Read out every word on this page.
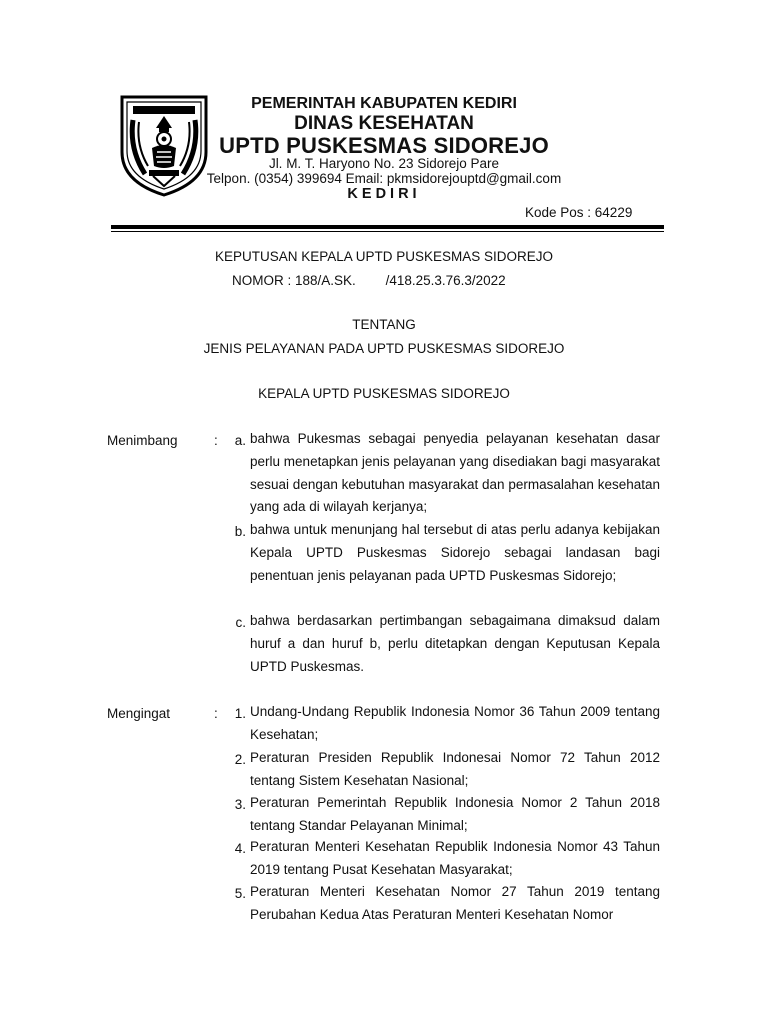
PEMERINTAH KABUPATEN KEDIRI
DINAS KESEHATAN
UPTD PUSKESMAS SIDOREJO
Jl. M. T. Haryono No. 23 Sidorejo Pare
Telpon. (0354) 399694 Email: pkmsidorejouptd@gmail.com
KEDIRI
Kode Pos : 64229
KEPUTUSAN KEPALA UPTD PUSKESMAS SIDOREJO
NOMOR : 188/A.SK. /418.25.3.76.3/2022
TENTANG
JENIS PELAYANAN PADA UPTD PUSKESMAS SIDOREJO
KEPALA UPTD PUSKESMAS SIDOREJO
Menimbang	:	a. bahwa Pukesmas sebagai penyedia pelayanan kesehatan dasar perlu menetapkan jenis pelayanan yang disediakan bagi masyarakat sesuai dengan kebutuhan masyarakat dan permasalahan kesehatan yang ada di wilayah kerjanya;
b. bahwa untuk menunjang hal tersebut di atas perlu adanya kebijakan Kepala UPTD Puskesmas Sidorejo sebagai landasan bagi penentuan jenis pelayanan pada UPTD Puskesmas Sidorejo;
c. bahwa berdasarkan pertimbangan sebagaimana dimaksud dalam huruf a dan huruf b, perlu ditetapkan dengan Keputusan Kepala UPTD Puskesmas.
Mengingat	:	1. Undang-Undang Republik Indonesia Nomor 36 Tahun 2009 tentang Kesehatan;
2. Peraturan Presiden Republik Indonesai Nomor 72 Tahun 2012 tentang Sistem Kesehatan Nasional;
3. Peraturan Pemerintah Republik Indonesia Nomor 2 Tahun 2018 tentang Standar Pelayanan Minimal;
4. Peraturan Menteri Kesehatan Republik Indonesia Nomor 43 Tahun 2019 tentang Pusat Kesehatan Masyarakat;
5. Peraturan Menteri Kesehatan Nomor 27 Tahun 2019 tentang Perubahan Kedua Atas Peraturan Menteri Kesehatan Nomor
